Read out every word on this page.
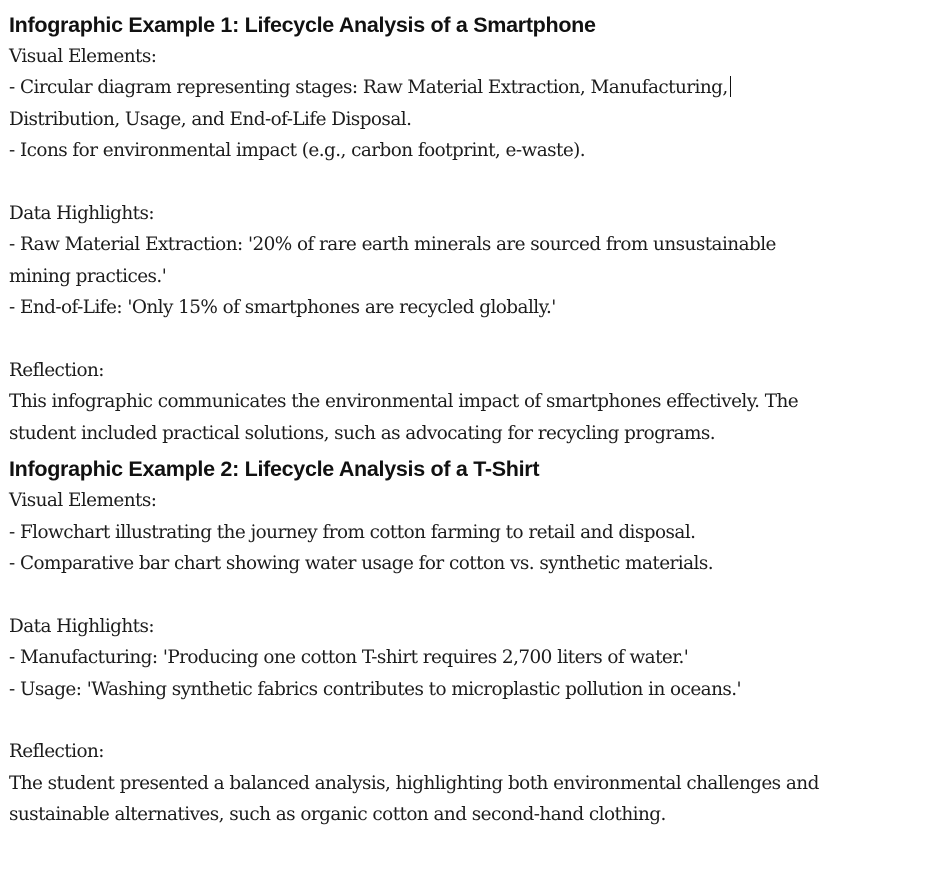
Infographic Example 1: Lifecycle Analysis of a Smartphone

Visual Elements:

- Circular diagram representing stages: Raw Material Extraction, Manufacturing,

Distribution, Usage, and End-of-Life Disposal.

- Icons for environmental impact (e.g., carbon footprint, e-waste).

Data Highlights:

- Raw Material Extraction: '20% of rare earth minerals are sourced from unsustainable

mining practices.'

- End-of-Life: 'Only 15% of smartphones are recycled globally.'

Reflection:

This infographic communicates the environmental impact of smartphones effectively. The

student included practical solutions, such as advocating for recycling programs.

Infographic Example 2: Lifecycle Analysis of a T-Shirt

Visual Elements:

- Flowchart illustrating the journey from cotton farming to retail and disposal.

- Comparative bar chart showing water usage for cotton vs. synthetic materials.

Data Highlights:

- Manufacturing: 'Producing one cotton T-shirt requires 2,700 liters of water.'

- Usage: 'Washing synthetic fabrics contributes to microplastic pollution in oceans.'

Reflection:

The student presented a balanced analysis, highlighting both environmental challenges and

sustainable alternatives, such as organic cotton and second-hand clothing.
